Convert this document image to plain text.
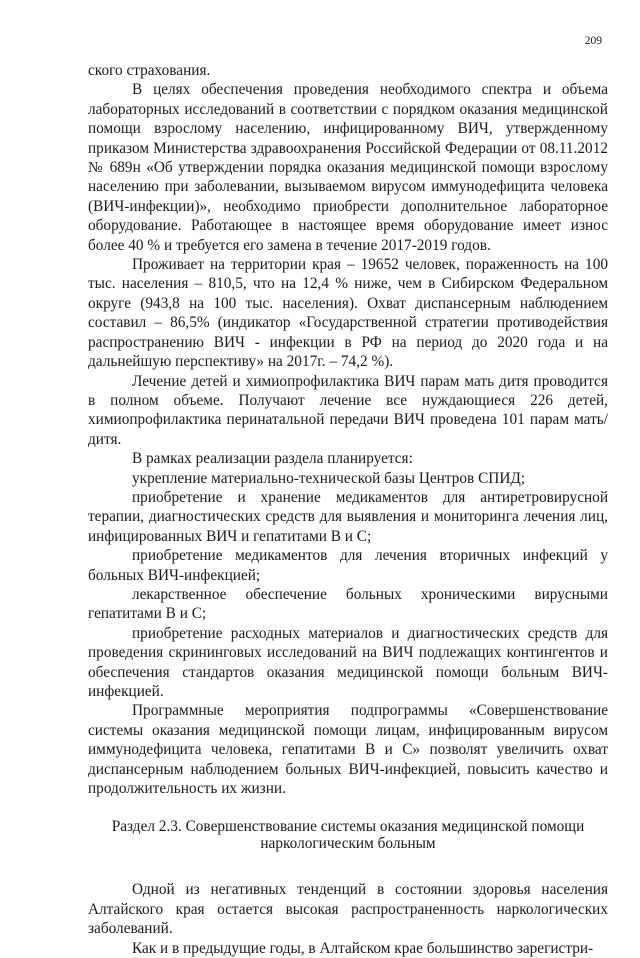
209

ского страхования.

В целях обеспечения проведения необходимого спектра и объема лабораторных исследований в соответствии с порядком оказания медицинской помощи взрослому населению, инфицированному ВИЧ, утвержденному приказом Министерства здравоохранения Российской Федерации от 08.11.2012 № 689н «Об утверждении порядка оказания медицинской помощи взрослому населению при заболевании, вызываемом вирусом иммунодефицита человека (ВИЧ-инфекции)», необходимо приобрести дополнительное лабораторное оборудование. Работающее в настоящее время оборудование имеет износ более 40 % и требуется его замена в течение 2017-2019 годов.

Проживает на территории края – 19652 человек, пораженность на 100 тыс. населения – 810,5, что на 12,4 % ниже, чем в Сибирском Федеральном округе (943,8 на 100 тыс. населения). Охват диспансерным наблюдением составил – 86,5% (индикатор «Государственной стратегии противодействия распространению ВИЧ - инфекции в РФ на период до 2020 года и на дальнейшую перспективу» на 2017г. – 74,2 %).

Лечение детей и химиопрофилактика ВИЧ парам мать дитя проводится в полном объеме. Получают лечение все нуждающиеся 226 детей, химиопрофилактика перинатальной передачи ВИЧ проведена 101 парам мать/дитя.

В рамках реализации раздела планируется:

укрепление материально-технической базы Центров СПИД;

приобретение и хранение медикаментов для антиретровирусной терапии, диагностических средств для выявления и мониторинга лечения лиц, инфицированных ВИЧ и гепатитами В и С;

приобретение медикаментов для лечения вторичных инфекций у больных ВИЧ-инфекцией;

лекарственное обеспечение больных хроническими вирусными гепатитами В и С;

приобретение расходных материалов и диагностических средств для проведения скрининговых исследований на ВИЧ подлежащих контингентов и обеспечения стандартов оказания медицинской помощи больным ВИЧ-инфекцией.

Программные мероприятия подпрограммы «Совершенствование системы оказания медицинской помощи лицам, инфицированным вирусом иммунодефицита человека, гепатитами В и С» позволят увеличить охват диспансерным наблюдением больных ВИЧ-инфекцией, повысить качество и продолжительность их жизни.

Раздел 2.3. Совершенствование системы оказания медицинской помощи наркологическим больным

Одной из негативных тенденций в состоянии здоровья населения Алтайского края остается высокая распространенность наркологических заболеваний.

Как и в предыдущие годы, в Алтайском крае большинство зарегистри-
